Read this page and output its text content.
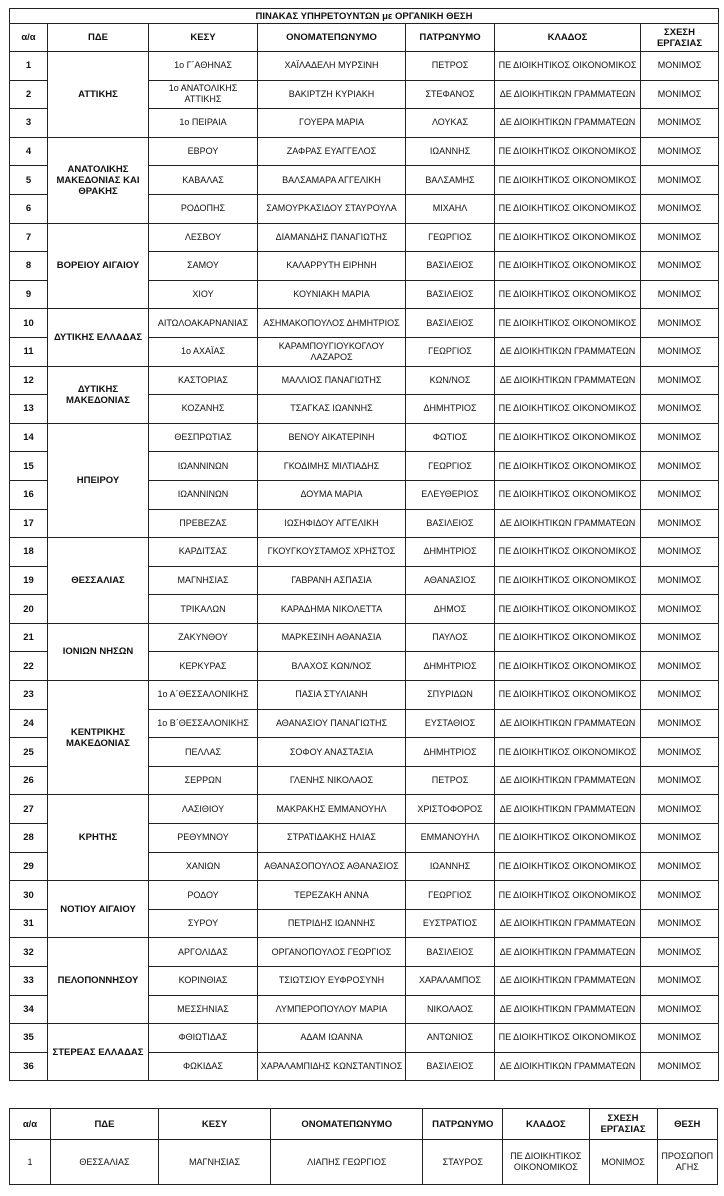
ΠΙΝΑΚΑΣ ΥΠΗΡΕΤΟΥΝΤΩΝ με ΟΡΓΑΝΙΚΗ ΘΕΣΗ						
α/α	ΠΔΕ	ΚΕΣΥ	ΟΝΟΜΑΤΕΠΩΝΥΜΟ	ΠΑΤΡΩΝΥΜΟ	ΚΛΑΔΟΣ	ΣΧΕΣΗ ΕΡΓΑΣΙΑΣ
1	ΑΤΤΙΚΗΣ	1ο Γ΄ΑΘΗΝΑΣ	ΧΑΪΛΑΔΕΛΗ ΜΥΡΣΙΝΗ	ΠΕΤΡΟΣ	ΠΕ ΔΙΟΙΚΗΤΙΚΟΣ ΟΙΚΟΝΟΜΙΚΟΣ	ΜΟΝΙΜΟΣ
2		1ο ΑΝΑΤΟΛΙΚΗΣ ΑΤΤΙΚΗΣ	ΒΑΚΙΡΤΖΗ ΚΥΡΙΑΚΗ	ΣΤΕΦΑΝΟΣ	ΔΕ ΔΙΟΙΚΗΤΙΚΩΝ ΓΡΑΜΜΑΤΕΩΝ	ΜΟΝΙΜΟΣ
3		1ο ΠΕΙΡΑΙΑ	ΓΟΥΕΡΑ ΜΑΡΙΑ	ΛΟΥΚΑΣ	ΔΕ ΔΙΟΙΚΗΤΙΚΩΝ ΓΡΑΜΜΑΤΕΩΝ	ΜΟΝΙΜΟΣ
4	ΑΝΑΤΟΛΙΚΗΣ ΜΑΚΕΔΟΝΙΑΣ ΚΑΙ ΘΡΑΚΗΣ	ΕΒΡΟΥ	ΖΑΦΡΑΣ ΕΥΑΓΓΕΛΟΣ	ΙΩΑΝΝΗΣ	ΠΕ ΔΙΟΙΚΗΤΙΚΟΣ ΟΙΚΟΝΟΜΙΚΟΣ	ΜΟΝΙΜΟΣ
5		ΚΑΒΑΛΑΣ	ΒΑΛΣΑΜΑΡΑ ΑΓΓΕΛΙΚΗ	ΒΑΛΣΑΜΗΣ	ΠΕ ΔΙΟΙΚΗΤΙΚΟΣ ΟΙΚΟΝΟΜΙΚΟΣ	ΜΟΝΙΜΟΣ
6		ΡΟΔΟΠΗΣ	ΣΑΜΟΥΡΚΑΣΙΔΟΥ ΣΤΑΥΡΟΥΛΑ	ΜΙΧΑΗΛ	ΠΕ ΔΙΟΙΚΗΤΙΚΟΣ ΟΙΚΟΝΟΜΙΚΟΣ	ΜΟΝΙΜΟΣ
7	ΒΟΡΕΙΟΥ ΑΙΓΑΙΟΥ	ΛΕΣΒΟΥ	ΔΙΑΜΑΝΔΗΣ ΠΑΝΑΓΙΩΤΗΣ	ΓΕΩΡΓΙΟΣ	ΠΕ ΔΙΟΙΚΗΤΙΚΟΣ ΟΙΚΟΝΟΜΙΚΟΣ	ΜΟΝΙΜΟΣ
8		ΣΑΜΟΥ	ΚΑΛΑΡΡΥΤΗ ΕΙΡΗΝΗ	ΒΑΣΙΛΕΙΟΣ	ΠΕ ΔΙΟΙΚΗΤΙΚΟΣ ΟΙΚΟΝΟΜΙΚΟΣ	ΜΟΝΙΜΟΣ
9		ΧΙΟΥ	ΚΟΥΝΙΑΚΗ ΜΑΡΙΑ	ΒΑΣΙΛΕΙΟΣ	ΠΕ ΔΙΟΙΚΗΤΙΚΟΣ ΟΙΚΟΝΟΜΙΚΟΣ	ΜΟΝΙΜΟΣ
10	ΔΥΤΙΚΗΣ ΕΛΛΑΔΑΣ	ΑΙΤΩΛΟΑΚΑΡΝΑΝΙΑΣ	ΑΣΗΜΑΚΟΠΟΥΛΟΣ ΔΗΜΗΤΡΙΟΣ	ΒΑΣΙΛΕΙΟΣ	ΠΕ ΔΙΟΙΚΗΤΙΚΟΣ ΟΙΚΟΝΟΜΙΚΟΣ	ΜΟΝΙΜΟΣ
11		1ο ΑΧΑΪΑΣ	ΚΑΡΑΜΠΟΥΓΙΟΥΚΟΓΛΟΥ ΛΑΖΑΡΟΣ	ΓΕΩΡΓΙΟΣ	ΔΕ ΔΙΟΙΚΗΤΙΚΩΝ ΓΡΑΜΜΑΤΕΩΝ	ΜΟΝΙΜΟΣ
12	ΔΥΤΙΚΗΣ ΜΑΚΕΔΟΝΙΑΣ	ΚΑΣΤΟΡΙΑΣ	ΜΑΛΛΙΟΣ ΠΑΝΑΓΙΩΤΗΣ	ΚΩΝ/ΝΟΣ	ΔΕ ΔΙΟΙΚΗΤΙΚΩΝ ΓΡΑΜΜΑΤΕΩΝ	ΜΟΝΙΜΟΣ
13		ΚΟΖΑΝΗΣ	ΤΣΑΓΚΑΣ ΙΩΑΝΝΗΣ	ΔΗΜΗΤΡΙΟΣ	ΠΕ ΔΙΟΙΚΗΤΙΚΟΣ ΟΙΚΟΝΟΜΙΚΟΣ	ΜΟΝΙΜΟΣ
14	ΗΠΕΙΡΟΥ	ΘΕΣΠΡΩΤΙΑΣ	ΒΕΝΟΥ ΑΙΚΑΤΕΡΙΝΗ	ΦΩΤΙΟΣ	ΠΕ ΔΙΟΙΚΗΤΙΚΟΣ ΟΙΚΟΝΟΜΙΚΟΣ	ΜΟΝΙΜΟΣ
15		ΙΩΑΝΝΙΝΩΝ	ΓΚΟΔΙΜΗΣ ΜΙΛΤΙΑΔΗΣ	ΓΕΩΡΓΙΟΣ	ΠΕ ΔΙΟΙΚΗΤΙΚΟΣ ΟΙΚΟΝΟΜΙΚΟΣ	ΜΟΝΙΜΟΣ
16		ΙΩΑΝΝΙΝΩΝ	ΔΟΥΜΑ ΜΑΡΙΑ	ΕΛΕΥΘΕΡΙΟΣ	ΠΕ ΔΙΟΙΚΗΤΙΚΟΣ ΟΙΚΟΝΟΜΙΚΟΣ	ΜΟΝΙΜΟΣ
17		ΠΡΕΒΕΖΑΣ	ΙΩΣΗΦΙΔΟΥ ΑΓΓΕΛΙΚΗ	ΒΑΣΙΛΕΙΟΣ	ΔΕ ΔΙΟΙΚΗΤΙΚΩΝ ΓΡΑΜΜΑΤΕΩΝ	ΜΟΝΙΜΟΣ
18	ΘΕΣΣΑΛΙΑΣ	ΚΑΡΔΙΤΣΑΣ	ΓΚΟΥΓΚΟΥΣΤΑΜΟΣ ΧΡΗΣΤΟΣ	ΔΗΜΗΤΡΙΟΣ	ΠΕ ΔΙΟΙΚΗΤΙΚΟΣ ΟΙΚΟΝΟΜΙΚΟΣ	ΜΟΝΙΜΟΣ
19		ΜΑΓΝΗΣΙΑΣ	ΓΑΒΡΑΝΗ ΑΣΠΑΣΙΑ	ΑΘΑΝΑΣΙΟΣ	ΠΕ ΔΙΟΙΚΗΤΙΚΟΣ ΟΙΚΟΝΟΜΙΚΟΣ	ΜΟΝΙΜΟΣ
20		ΤΡΙΚΑΛΩΝ	ΚΑΡΑΔΗΜΑ ΝΙΚΟΛΕΤΤΑ	ΔΗΜΟΣ	ΠΕ ΔΙΟΙΚΗΤΙΚΟΣ ΟΙΚΟΝΟΜΙΚΟΣ	ΜΟΝΙΜΟΣ
21	ΙΟΝΙΩΝ ΝΗΣΩΝ	ΖΑΚΥΝΘΟΥ	ΜΑΡΚΕΣΙΝΗ ΑΘΑΝΑΣΙΑ	ΠΑΥΛΟΣ	ΠΕ ΔΙΟΙΚΗΤΙΚΟΣ ΟΙΚΟΝΟΜΙΚΟΣ	ΜΟΝΙΜΟΣ
22		ΚΕΡΚΥΡΑΣ	ΒΛΑΧΟΣ ΚΩΝ/ΝΟΣ	ΔΗΜΗΤΡΙΟΣ	ΠΕ ΔΙΟΙΚΗΤΙΚΟΣ ΟΙΚΟΝΟΜΙΚΟΣ	ΜΟΝΙΜΟΣ
23	ΚΕΝΤΡΙΚΗΣ ΜΑΚΕΔΟΝΙΑΣ	1ο Α΄ΘΕΣΣΑΛΟΝΙΚΗΣ	ΠΑΣΙΑ ΣΤΥΛΙΑΝΗ	ΣΠΥΡΙΔΩΝ	ΠΕ ΔΙΟΙΚΗΤΙΚΟΣ ΟΙΚΟΝΟΜΙΚΟΣ	ΜΟΝΙΜΟΣ
24		1ο Β΄ΘΕΣΣΑΛΟΝΙΚΗΣ	ΑΘΑΝΑΣΙΟΥ ΠΑΝΑΓΙΩΤΗΣ	ΕΥΣΤΑΘΙΟΣ	ΔΕ ΔΙΟΙΚΗΤΙΚΩΝ ΓΡΑΜΜΑΤΕΩΝ	ΜΟΝΙΜΟΣ
25		ΠΕΛΛΑΣ	ΣΟΦΟΥ ΑΝΑΣΤΑΣΙΑ	ΔΗΜΗΤΡΙΟΣ	ΠΕ ΔΙΟΙΚΗΤΙΚΟΣ ΟΙΚΟΝΟΜΙΚΟΣ	ΜΟΝΙΜΟΣ
26		ΣΕΡΡΩΝ	ΓΛΕΝΗΣ ΝΙΚΟΛΑΟΣ	ΠΕΤΡΟΣ	ΔΕ ΔΙΟΙΚΗΤΙΚΩΝ ΓΡΑΜΜΑΤΕΩΝ	ΜΟΝΙΜΟΣ
27	ΚΡΗΤΗΣ	ΛΑΣΙΘΙΟΥ	ΜΑΚΡΑΚΗΣ ΕΜΜΑΝΟΥΗΛ	ΧΡΙΣΤΟΦΟΡΟΣ	ΔΕ ΔΙΟΙΚΗΤΙΚΩΝ ΓΡΑΜΜΑΤΕΩΝ	ΜΟΝΙΜΟΣ
28		ΡΕΘΥΜΝΟΥ	ΣΤΡΑΤΙΔΑΚΗΣ ΗΛΙΑΣ	ΕΜΜΑΝΟΥΗΛ	ΠΕ ΔΙΟΙΚΗΤΙΚΟΣ ΟΙΚΟΝΟΜΙΚΟΣ	ΜΟΝΙΜΟΣ
29		ΧΑΝΙΩΝ	ΑΘΑΝΑΣΟΠΟΥΛΟΣ ΑΘΑΝΑΣΙΟΣ	ΙΩΑΝΝΗΣ	ΠΕ ΔΙΟΙΚΗΤΙΚΟΣ ΟΙΚΟΝΟΜΙΚΟΣ	ΜΟΝΙΜΟΣ
30	ΝΟΤΙΟΥ ΑΙΓΑΙΟΥ	ΡΟΔΟΥ	ΤΕΡΕΖΑΚΗ ΑΝΝΑ	ΓΕΩΡΓΙΟΣ	ΠΕ ΔΙΟΙΚΗΤΙΚΟΣ ΟΙΚΟΝΟΜΙΚΟΣ	ΜΟΝΙΜΟΣ
31		ΣΥΡΟΥ	ΠΕΤΡΙΔΗΣ ΙΩΑΝΝΗΣ	ΕΥΣΤΡΑΤΙΟΣ	ΔΕ ΔΙΟΙΚΗΤΙΚΩΝ ΓΡΑΜΜΑΤΕΩΝ	ΜΟΝΙΜΟΣ
32	ΠΕΛΟΠΟΝΝΗΣΟΥ	ΑΡΓΟΛΙΔΑΣ	ΟΡΓΑΝΟΠΟΥΛΟΣ ΓΕΩΡΓΙΟΣ	ΒΑΣΙΛΕΙΟΣ	ΔΕ ΔΙΟΙΚΗΤΙΚΩΝ ΓΡΑΜΜΑΤΕΩΝ	ΜΟΝΙΜΟΣ
33		ΚΟΡΙΝΘΙΑΣ	ΤΣΙΩΤΣΙΟΥ ΕΥΦΡΟΣΥΝΗ	ΧΑΡΑΛΑΜΠΟΣ	ΔΕ ΔΙΟΙΚΗΤΙΚΩΝ ΓΡΑΜΜΑΤΕΩΝ	ΜΟΝΙΜΟΣ
34		ΜΕΣΣΗΝΙΑΣ	ΛΥΜΠΕΡΟΠΟΥΛΟΥ ΜΑΡΙΑ	ΝΙΚΟΛΑΟΣ	ΔΕ ΔΙΟΙΚΗΤΙΚΩΝ ΓΡΑΜΜΑΤΕΩΝ	ΜΟΝΙΜΟΣ
35	ΣΤΕΡΕΑΣ ΕΛΛΑΔΑΣ	ΦΘΙΩΤΙΔΑΣ	ΑΔΑΜ ΙΩΑΝΝΑ	ΑΝΤΩΝΙΟΣ	ΠΕ ΔΙΟΙΚΗΤΙΚΟΣ ΟΙΚΟΝΟΜΙΚΟΣ	ΜΟΝΙΜΟΣ
36		ΦΩΚΙΔΑΣ	ΧΑΡΑΛΑΜΠΙΔΗΣ ΚΩΝΣΤΑΝΤΙΝΟΣ	ΒΑΣΙΛΕΙΟΣ	ΔΕ ΔΙΟΙΚΗΤΙΚΩΝ ΓΡΑΜΜΑΤΕΩΝ	ΜΟΝΙΜΟΣ
α/α	ΠΔΕ	ΚΕΣΥ	ΟΝΟΜΑΤΕΠΩΝΥΜΟ	ΠΑΤΡΩΝΥΜΟ	ΚΛΑΔΟΣ	ΣΧΕΣΗ ΕΡΓΑΣΙΑΣ	ΘΕΣΗ
1	ΘΕΣΣΑΛΙΑΣ	ΜΑΓΝΗΣΙΑΣ	ΛΙΑΠΗΣ ΓΕΩΡΓΙΟΣ	ΣΤΑΥΡΟΣ	ΠΕ ΔΙΟΙΚΗΤΙΚΟΣ ΟΙΚΟΝΟΜΙΚΟΣ	ΜΟΝΙΜΟΣ	ΠΡΟΣΩΠΟΠ ΑΓΗΣ
